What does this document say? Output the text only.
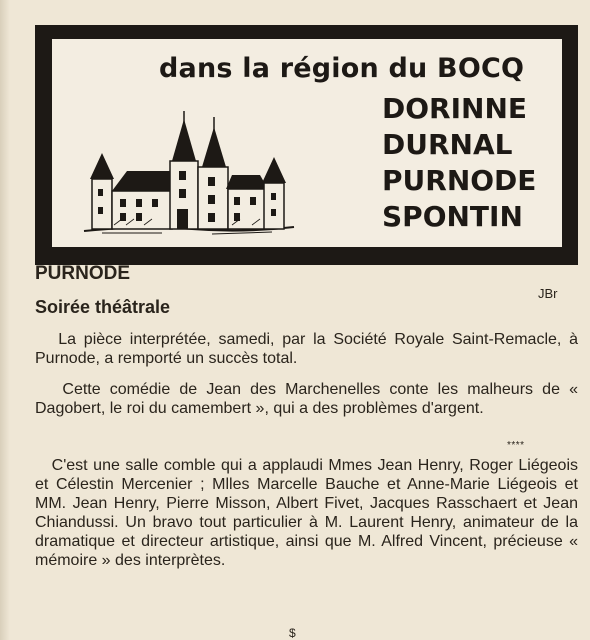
dans la région du BOCQ
DORINNE
DURNAL
PURNODE
SPONTIN
PURNODE
JBr
Soirée théâtrale
La pièce interprétée, samedi, par la Société Royale Saint-Remacle, à Purnode, a remporté un succès total.
Cette comédie de Jean des Marchenelles conte les malheurs de « Dagobert, le roi du camembert », qui a des problèmes d'argent.
****
C'est une salle comble qui a applaudi Mmes Jean Henry, Roger Liégeois et Célestin Mercenier ; Mlles Marcelle Bauche et Anne-Marie Liégeois et MM. Jean Henry, Pierre Misson, Albert Fivet, Jacques Rasschaert et Jean Chiandussi. Un bravo tout particulier à M. Laurent Henry, animateur de la dramatique et directeur artistique, ainsi que M. Alfred Vincent, précieuse « mémoire » des interprètes.
$
